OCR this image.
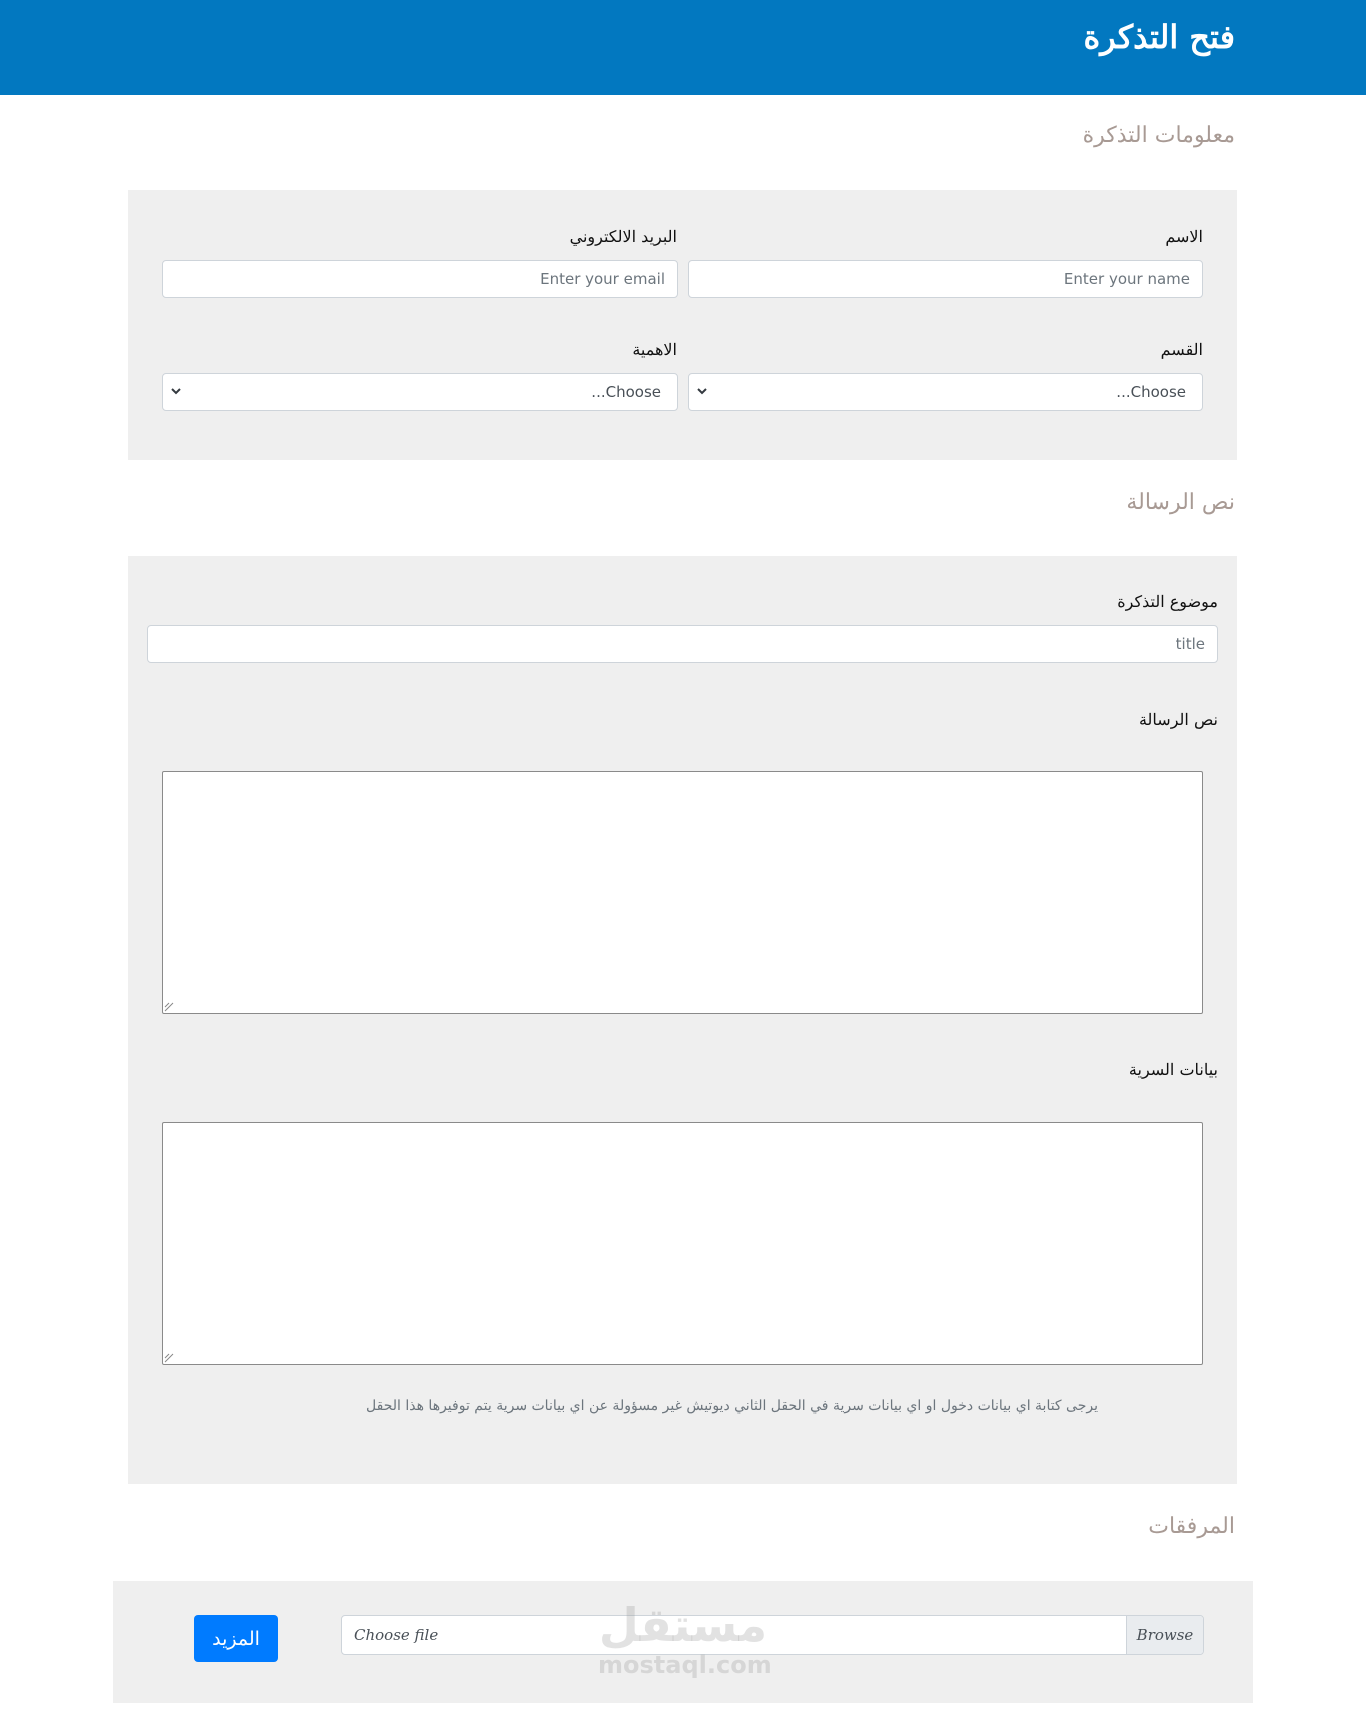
فتح التذكرة
معلومات التذكرة
الاسم
Enter your name
البريد الالكتروني
Enter your email
القسم
Choose...
الاهمية
Choose...
نص الرسالة
موضوع التذكرة
title
نص الرسالة
بيانات السرية
يرجى كتابة اي بيانات دخول او اي بيانات سرية في الحقل الثاني ديوتيش غير مسؤولة عن اي بيانات سرية يتم توفيرها هذا الحقل
المرفقات
Choose file	Browse
المزيد	مستقل
mostaql.com
